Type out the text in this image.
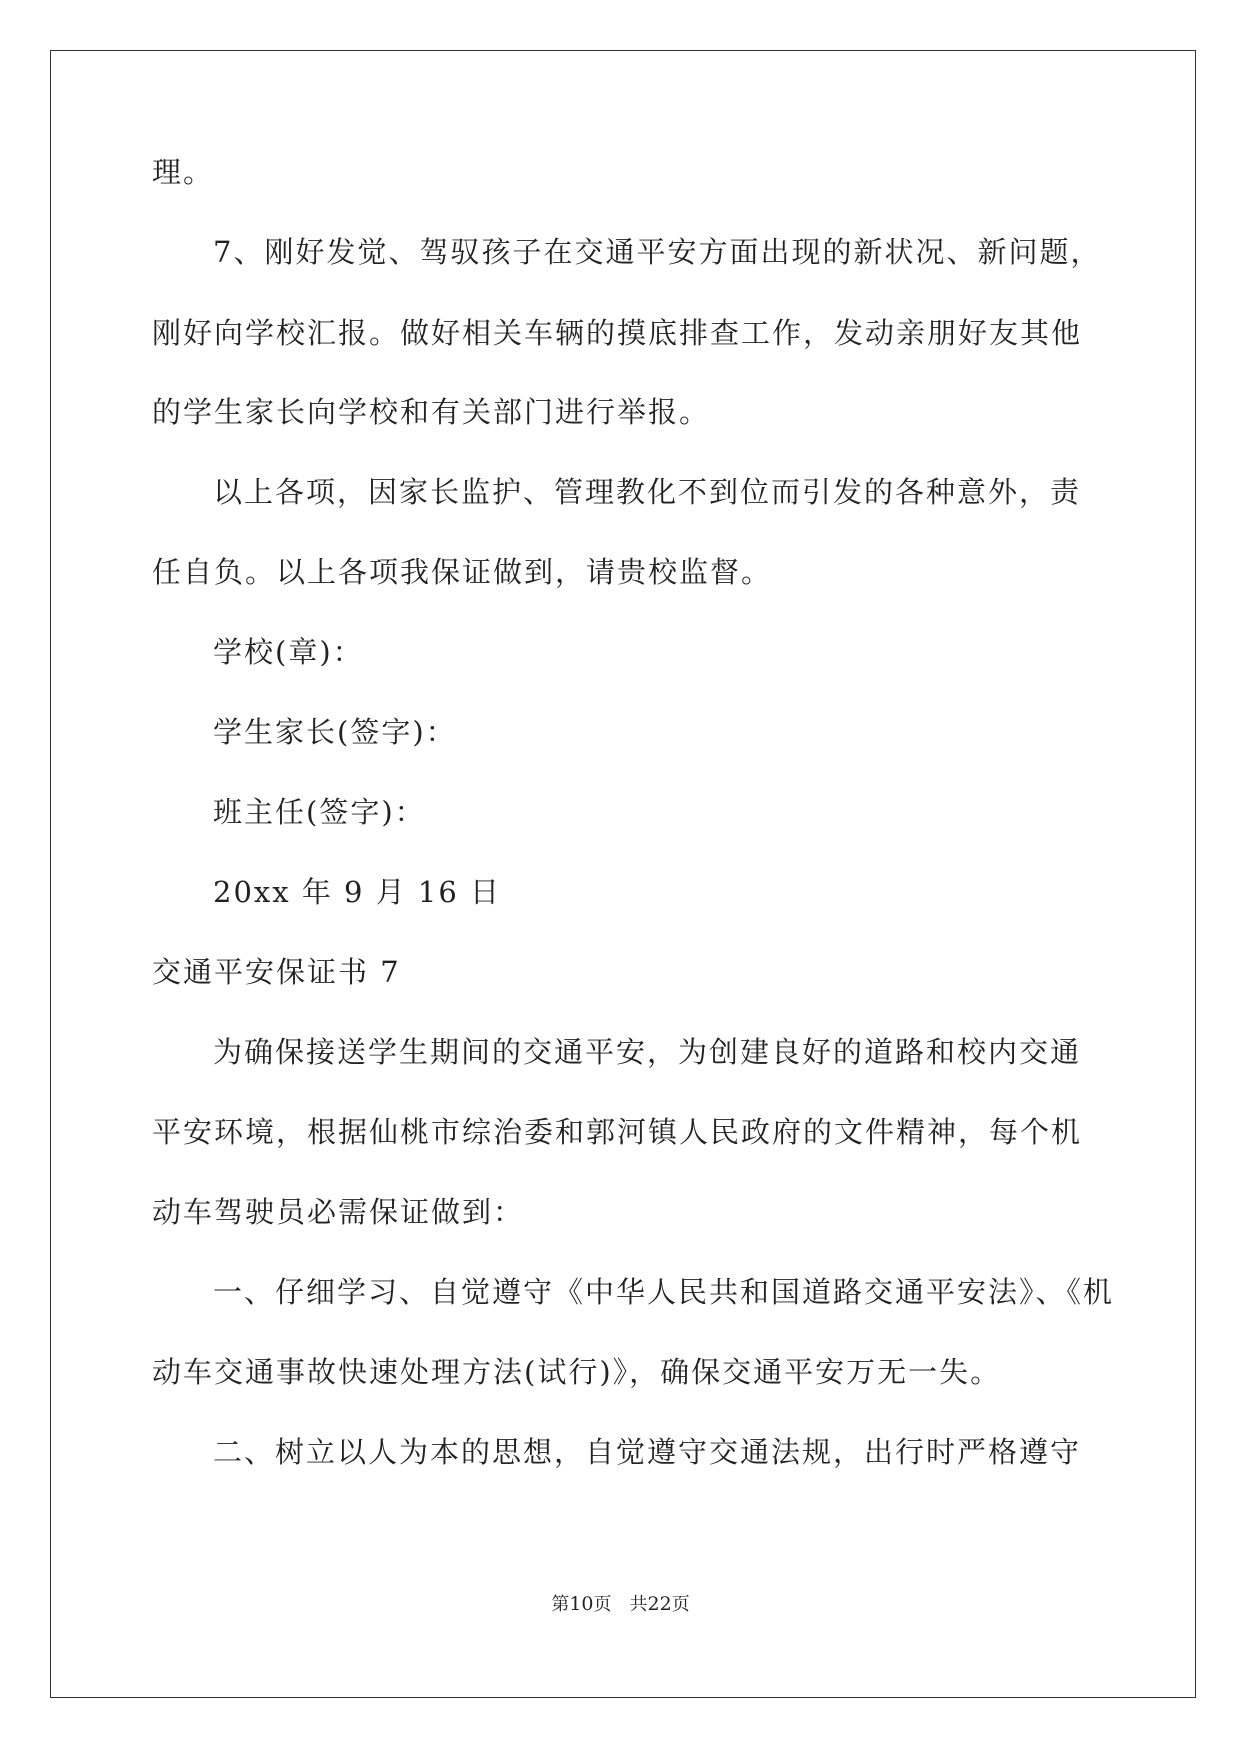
理。
7、刚好发觉、驾驭孩子在交通平安方面出现的新状况、新问题，
刚好向学校汇报。做好相关车辆的摸底排查工作，发动亲朋好友其他
的学生家长向学校和有关部门进行举报。
以上各项，因家长监护、管理教化不到位而引发的各种意外，责
任自负。以上各项我保证做到，请贵校监督。
学校(章)：
学生家长(签字)：
班主任(签字)：
20xx 年 9 月 16 日
交通平安保证书 7
为确保接送学生期间的交通平安，为创建良好的道路和校内交通
平安环境，根据仙桃市综治委和郭河镇人民政府的文件精神，每个机
动车驾驶员必需保证做到：
一、仔细学习、自觉遵守《中华人民共和国道路交通平安法》、《机
动车交通事故快速处理方法(试行)》，确保交通平安万无一失。
二、树立以人为本的思想，自觉遵守交通法规，出行时严格遵守
第10页 共22页
